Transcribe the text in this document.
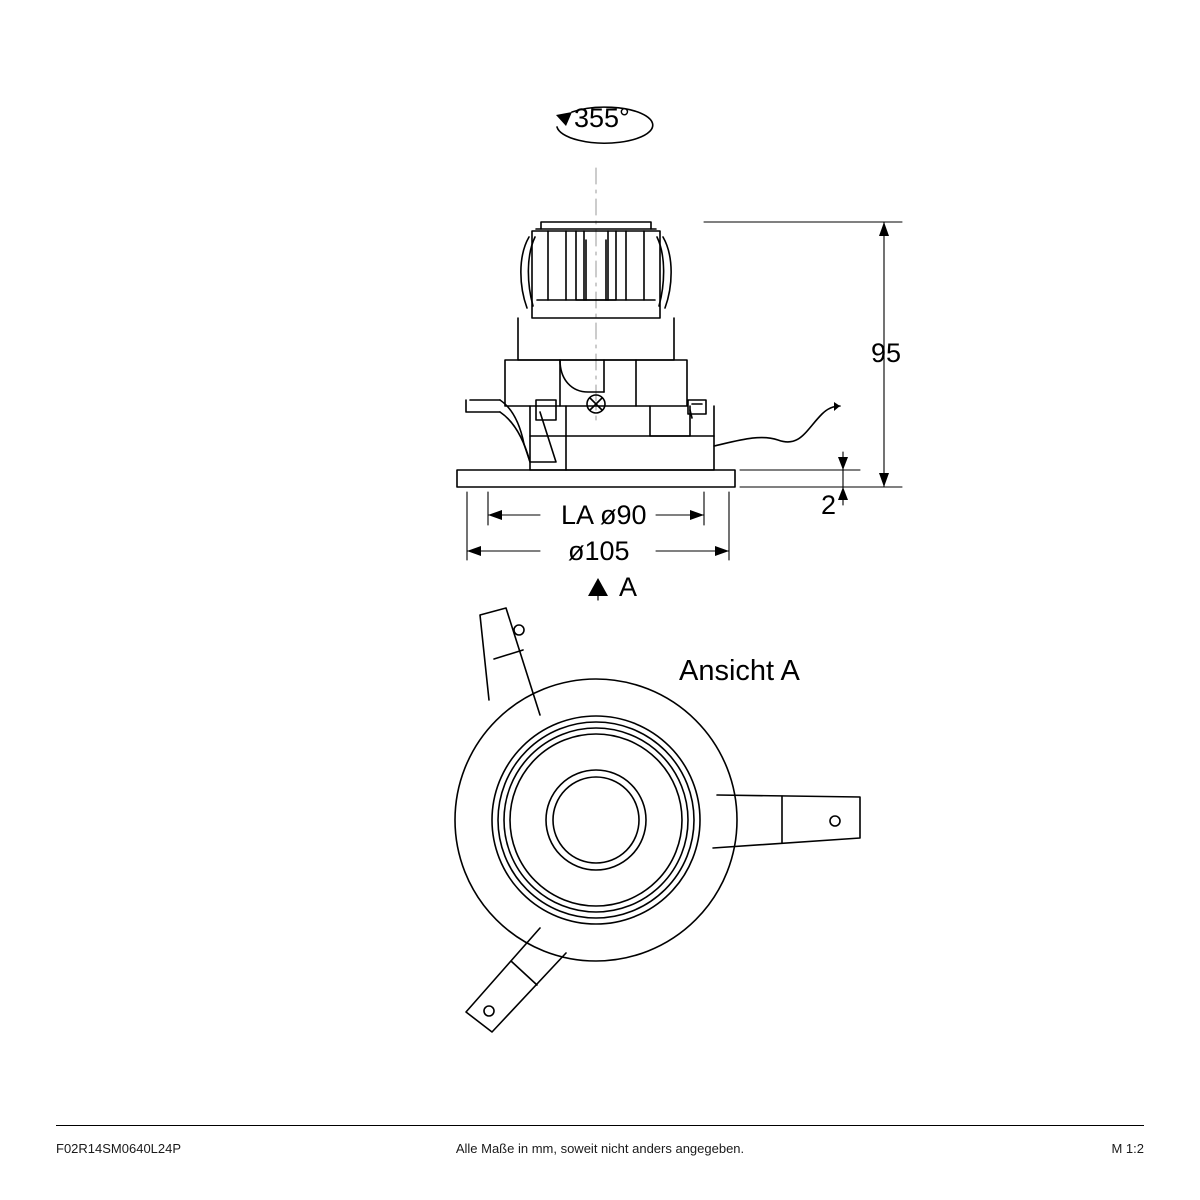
355°
95
2
LA ø90
ø105
A
Ansicht A
F02R14SM0640L24P	Alle Maße in mm, soweit nicht anders angegeben.	M 1:2
